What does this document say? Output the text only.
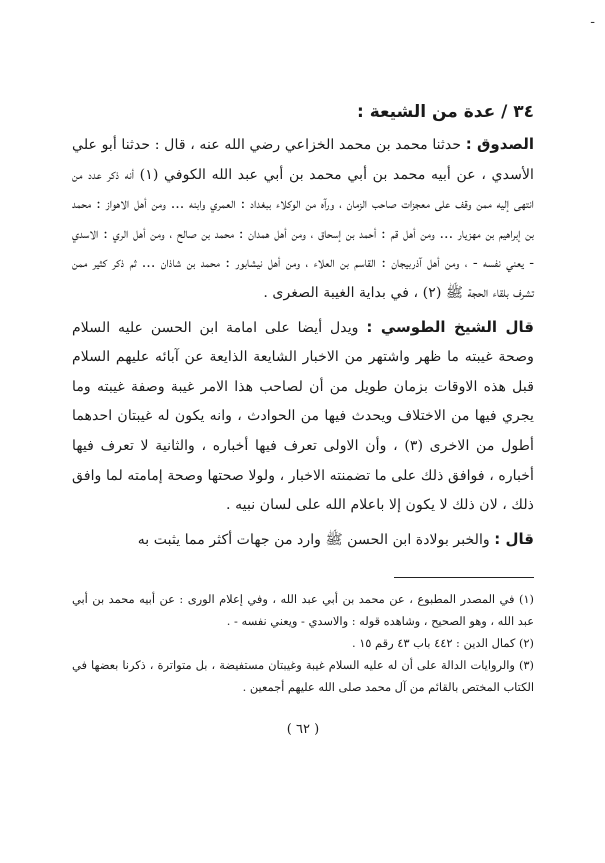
-
٣٤ / عدة من الشيعة :

الصدوق : حدثنا محمد بن محمد الخزاعي رضي الله عنه ، قال : حدثنا أبو علي الأسدي ، عن أبيه محمد بن أبي محمد بن أبي عبد الله الكوفي (١) أنه ذكر عدد من انتهى إليه ممن وقف على معجزات صاحب الزمان ، ورآه من الوكلاء ببغداد : العمري وابنه ... ومن أهل الاهواز : محمد بن إبراهيم بن مهزيار ... ومن أهل قم : أحمد بن إسحاق ، ومن أهل همدان : محمد بن صالح ، ومن أهل الري : الاسدي - يعني نفسه - ، ومن أهل آذربيجان : القاسم بن العلاء ، ومن أهل نيشابور : محمد بن شاذان ... ثم ذكر كثير ممن تشرف بلقاء الحجة ﷺ (٢) ، في بداية الغيبة الصغرى .

قال الشيخ الطوسي : ويدل أيضا على امامة ابن الحسن عليه السلام وصحة غيبته ما ظهر واشتهر من الاخبار الشايعة الذايعة عن آبائه عليهم السلام قبل هذه الاوقات بزمان طويل من أن لصاحب هذا الامر غيبة وصفة غيبته وما يجري فيها من الاختلاف ويحدث فيها من الحوادث ، وانه يكون له غيبتان احدهما أطول من الاخرى (٣) ، وأن الاولى تعرف فيها أخباره ، والثانية لا تعرف فيها أخباره ، فوافق ذلك على ما تضمنته الاخبار ، ولولا صحتها وصحة إمامته لما وافق ذلك ، لان ذلك لا يكون إلا باعلام الله على لسان نبيه .

قال : والخبر بولادة ابن الحسن ﷺ وارد من جهات أكثر مما يثبت به

(١) في المصدر المطبوع ، عن محمد بن أبي عبد الله ، وفي إعلام الورى : عن أبيه محمد بن أبي عبد الله ، وهو الصحيح ، وشاهده قوله : والاسدي - ويعني نفسه - .

(٢) كمال الدين : ٤٤٢ باب ٤٣ رقم ١٥ .

(٣) والروايات الدالة على أن له عليه السلام غيبة وغيبتان مستفيضة ، بل متواترة ، ذكرنا بعضها في الكتاب المختص بالقائم من آل محمد صلى الله عليهم أجمعين .

( ٦٢ )
